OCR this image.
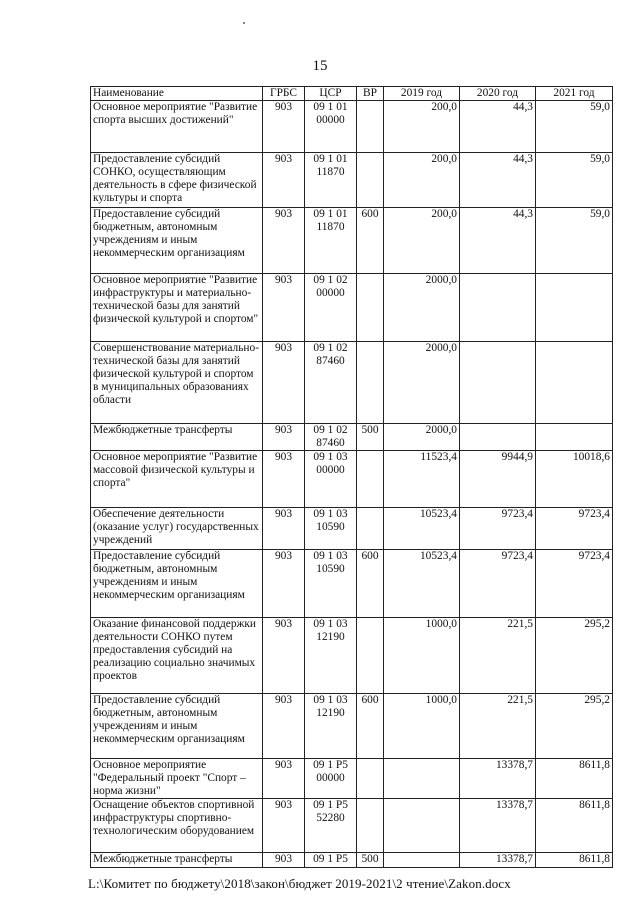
15
Наименование	ГРБС	ЦСР	ВР	2019 год	2020 год	2021 год
Основное мероприятие "Развитие спорта высших достижений"	903	09 1 01 00000		200,0	44,3	59,0
Предоставление субсидий СОНКО, осуществляющим деятельность в сфере физической культуры и спорта	903	09 1 01 11870		200,0	44,3	59,0
Предоставление субсидий бюджетным, автономным учреждениям и иным некоммерческим организациям	903	09 1 01 11870	600	200,0	44,3	59,0
Основное мероприятие "Развитие инфраструктуры и материально-технической базы для занятий физической культурой и спортом"	903	09 1 02 00000		2000,0		
Совершенствование материально-технической базы для занятий физической культурой и спортом в муниципальных образованиях области	903	09 1 02 87460		2000,0		
Межбюджетные трансферты	903	09 1 02 87460	500	2000,0		
Основное мероприятие "Развитие массовой физической культуры и спорта"	903	09 1 03 00000		11523,4	9944,9	10018,6
Обеспечение деятельности (оказание услуг) государственных учреждений	903	09 1 03 10590		10523,4	9723,4	9723,4
Предоставление субсидий бюджетным, автономным учреждениям и иным некоммерческим организациям	903	09 1 03 10590	600	10523,4	9723,4	9723,4
Оказание финансовой поддержки деятельности СОНКО путем предоставления субсидий на реализацию социально значимых проектов	903	09 1 03 12190		1000,0	221,5	295,2
Предоставление субсидий бюджетным, автономным учреждениям и иным некоммерческим организациям	903	09 1 03 12190	600	1000,0	221,5	295,2
Основное мероприятие "Федеральный проект "Спорт – норма жизни"	903	09 1 P5 00000			13378,7	8611,8
Оснащение объектов спортивной инфраструктуры спортивно-технологическим оборудованием	903	09 1 P5 52280			13378,7	8611,8
Межбюджетные трансферты	903	09 1 P5	500		13378,7	8611,8
L:\Комитет по бюджету\2018\закон\бюджет 2019-2021\2 чтение\Zakon.docx
